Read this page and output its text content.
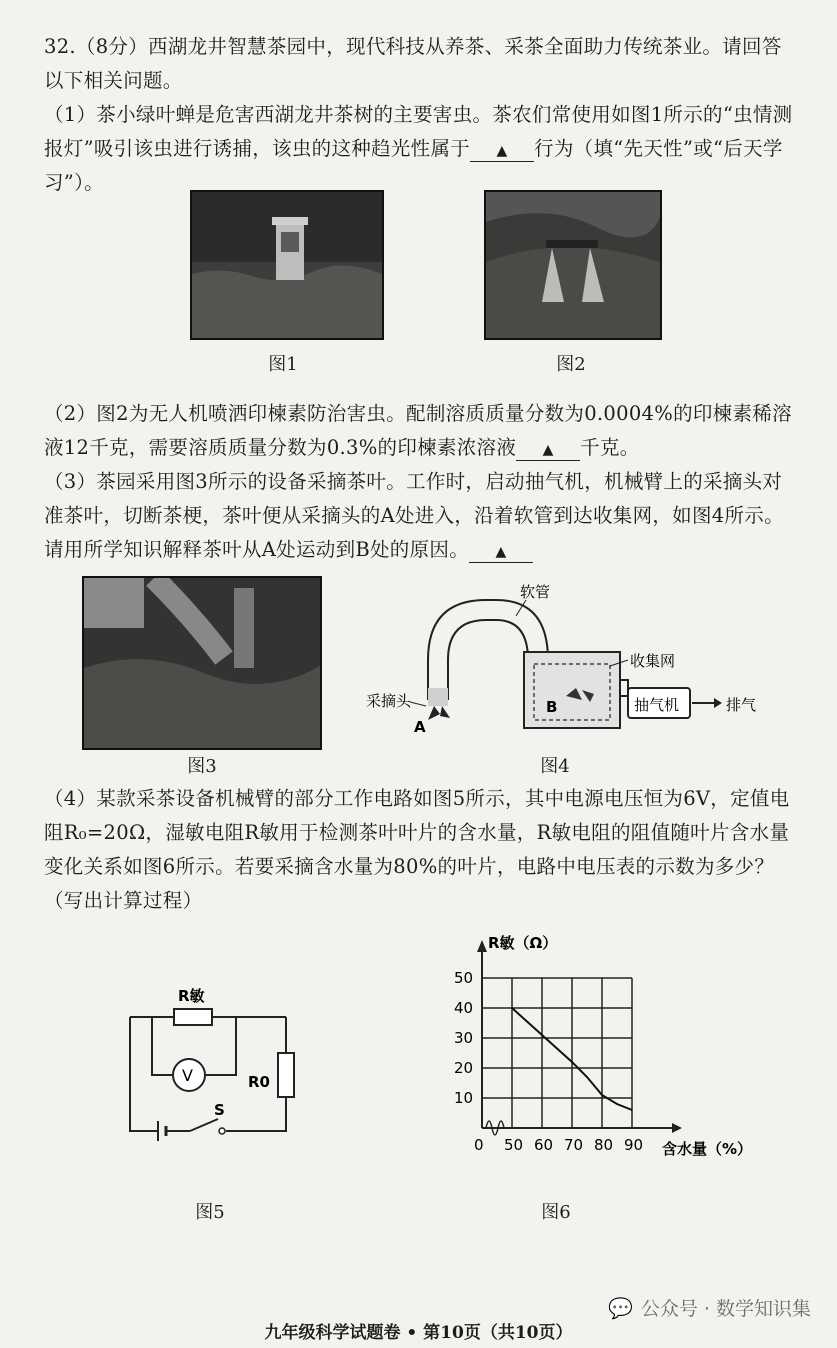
32.（8分）西湖龙井智慧茶园中，现代科技从养茶、采茶全面助力传统茶业。请回答以下相关问题。

（1）茶小绿叶蝉是危害西湖龙井茶树的主要害虫。茶农们常使用如图1所示的“虫情测报灯”吸引该虫进行诱捕，该虫的这种趋光性属于 ▲ 行为（填“先天性”或“后天学习”）。

图1	图2

（2）图2为无人机喷洒印楝素防治害虫。配制溶质质量分数为0.0004%的印楝素稀溶液12千克，需要溶质质量分数为0.3%的印楝素浓溶液 ▲ 千克。

（3）茶园采用图3所示的设备采摘茶叶。工作时，启动抽气机，机械臂上的采摘头对准茶叶，切断茶梗，茶叶便从采摘头的A处进入，沿着软管到达收集网，如图4所示。请用所学知识解释茶叶从A处运动到B处的原因。 ▲

软管
收集网
B	抽气机	排气
采摘头
A
图3	图4

（4）某款采茶设备机械臂的部分工作电路如图5所示，其中电源电压恒为6V，定值电阻R₀=20Ω，湿敏电阻R敏用于检测茶叶叶片的含水量，R敏电阻的阻值随叶片含水量变化关系如图6所示。若要采摘含水量为80%的叶片，电路中电压表的示数为多少？（写出计算过程）

V
S
R敏
R0
0 50 60 70 80 90
10
20
30
40
50
R敏（Ω）
含水量（%）
图5	图6
💬 公众号 · 数学知识集
九年级科学试题卷 • 第10页（共10页）
